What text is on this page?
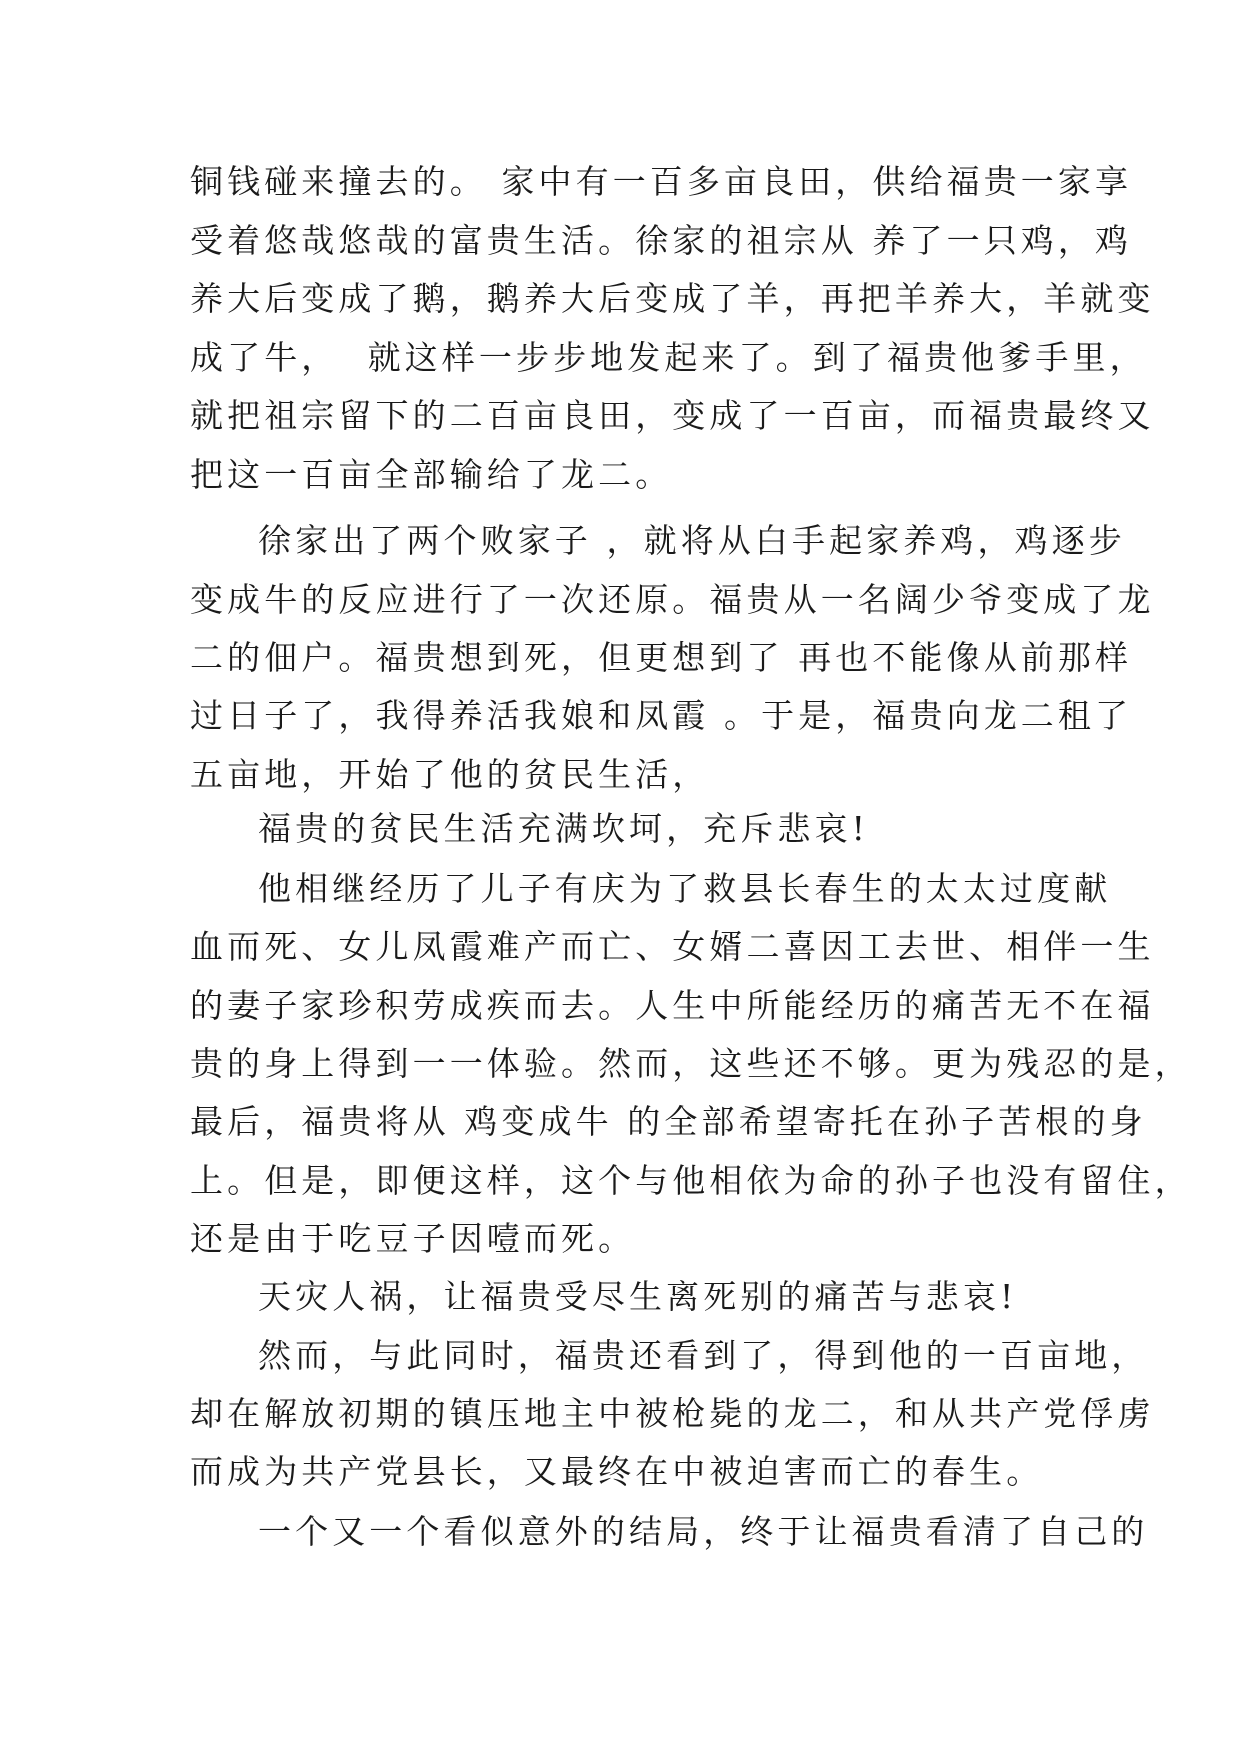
铜钱碰来撞去的。 家中有一百多亩良田，供给福贵一家享
受着悠哉悠哉的富贵生活。徐家的祖宗从 养了一只鸡，鸡
养大后变成了鹅，鹅养大后变成了羊，再把羊养大，羊就变
成了牛，  就这样一步步地发起来了。到了福贵他爹手里，
就把祖宗留下的二百亩良田，变成了一百亩，而福贵最终又
把这一百亩全部输给了龙二。
徐家出了两个败家子 ，就将从白手起家养鸡，鸡逐步
变成牛的反应进行了一次还原。福贵从一名阔少爷变成了龙
二的佃户。福贵想到死，但更想到了 再也不能像从前那样
过日子了，我得养活我娘和凤霞 。于是，福贵向龙二租了
五亩地，开始了他的贫民生活，
福贵的贫民生活充满坎坷，充斥悲哀!
他相继经历了儿子有庆为了救县长春生的太太过度献
血而死、女儿凤霞难产而亡、女婿二喜因工去世、相伴一生
的妻子家珍积劳成疾而去。人生中所能经历的痛苦无不在福
贵的身上得到一一体验。然而，这些还不够。更为残忍的是，
最后，福贵将从 鸡变成牛 的全部希望寄托在孙子苦根的身
上。但是，即便这样，这个与他相依为命的孙子也没有留住，
还是由于吃豆子因噎而死。
天灾人祸，让福贵受尽生离死别的痛苦与悲哀!
然而，与此同时，福贵还看到了，得到他的一百亩地，
却在解放初期的镇压地主中被枪毙的龙二，和从共产党俘虏
而成为共产党县长，又最终在中被迫害而亡的春生。
一个又一个看似意外的结局，终于让福贵看清了自己的
